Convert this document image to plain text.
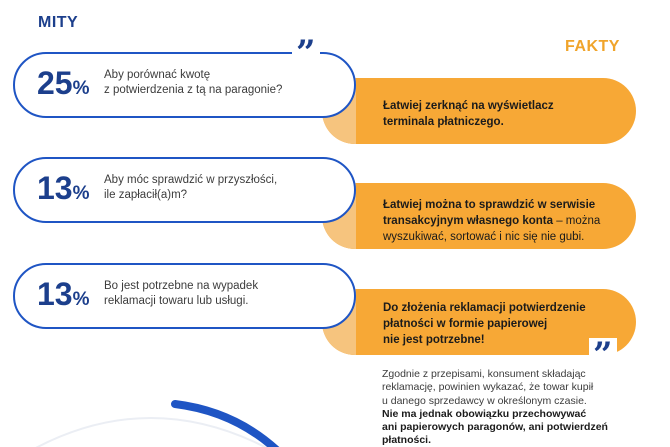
MITY
FAKTY
Łatwiej zerknąć na wyświetlacz
terminala płatniczego.
Łatwiej można to sprawdzić w serwisie
transakcyjnym własnego konta – można
wyszukiwać, sortować i nic się nie gubi.
Do złożenia reklamacji potwierdzenie
płatności w formie papierowej
nie jest potrzebne!
25%
Aby porównać kwotę
z potwierdzenia z tą na paragonie?
13%
Aby móc sprawdzić w przyszłości,
ile zapłacił(a)m?
13%
Bo jest potrzebne na wypadek
reklamacji towaru lub usługi.
”
”
Zgodnie z przepisami, konsument składając
reklamację, powinien wykazać, że towar kupił
u danego sprzedawcy w określonym czasie.
Nie ma jednak obowiązku przechowywać
ani papierowych paragonów, ani potwierdzeń
płatności.
